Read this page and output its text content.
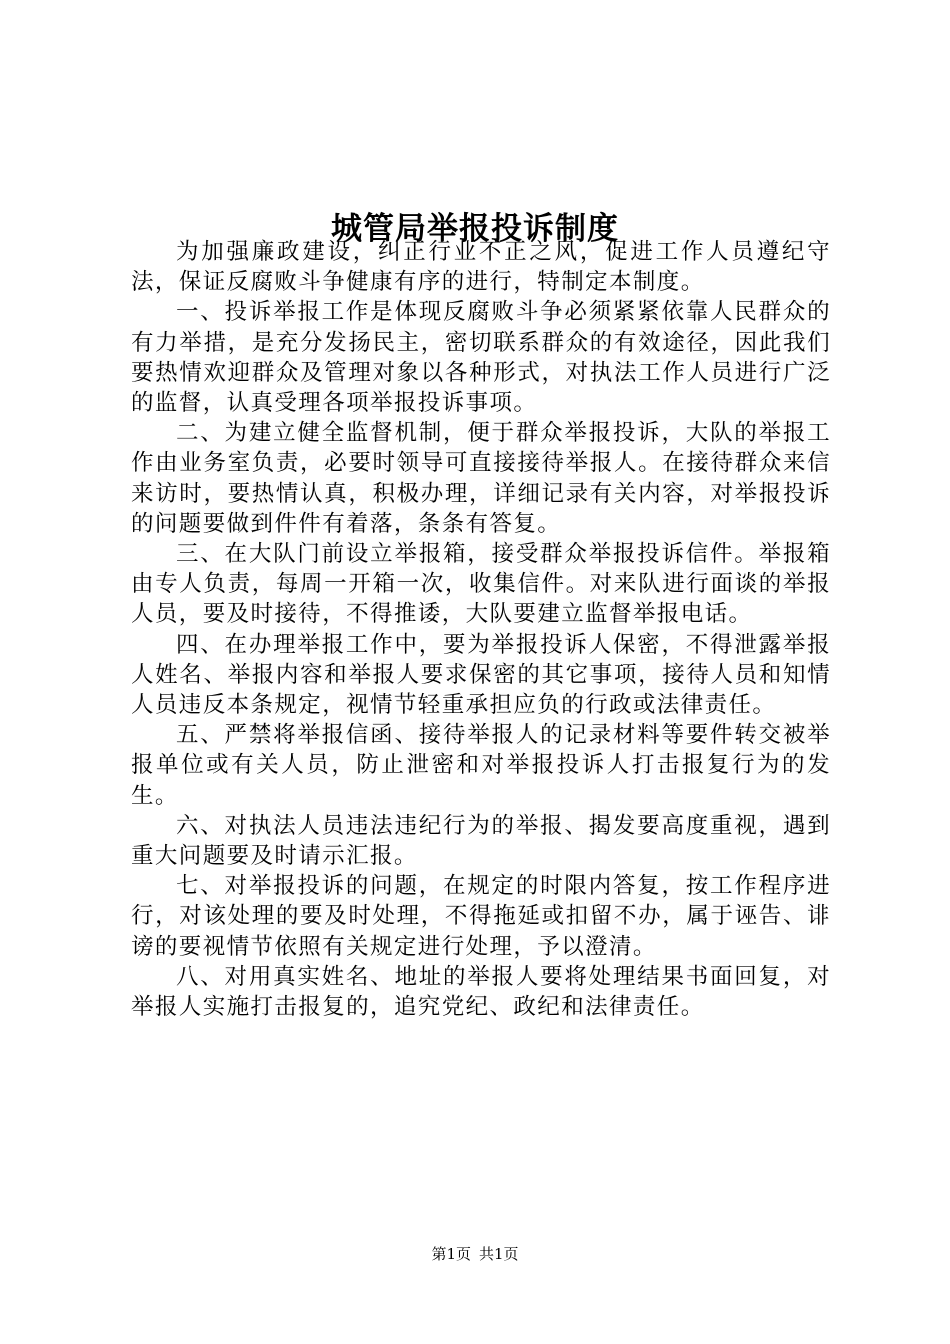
城管局举报投诉制度

为加强廉政建设，纠正行业不正之风，促进工作人员遵纪守法，保证反腐败斗争健康有序的进行，特制定本制度。

一、投诉举报工作是体现反腐败斗争必须紧紧依靠人民群众的有力举措，是充分发扬民主，密切联系群众的有效途径，因此我们要热情欢迎群众及管理对象以各种形式，对执法工作人员进行广泛的监督，认真受理各项举报投诉事项。

二、为建立健全监督机制，便于群众举报投诉，大队的举报工作由业务室负责，必要时领导可直接接待举报人。在接待群众来信来访时，要热情认真，积极办理，详细记录有关内容，对举报投诉的问题要做到件件有着落，条条有答复。

三、在大队门前设立举报箱，接受群众举报投诉信件。举报箱由专人负责，每周一开箱一次，收集信件。对来队进行面谈的举报人员，要及时接待，不得推诿，大队要建立监督举报电话。

四、在办理举报工作中，要为举报投诉人保密，不得泄露举报人姓名、举报内容和举报人要求保密的其它事项，接待人员和知情人员违反本条规定，视情节轻重承担应负的行政或法律责任。

五、严禁将举报信函、接待举报人的记录材料等要件转交被举报单位或有关人员，防止泄密和对举报投诉人打击报复行为的发生。

六、对执法人员违法违纪行为的举报、揭发要高度重视，遇到重大问题要及时请示汇报。

七、对举报投诉的问题，在规定的时限内答复，按工作程序进行，对该处理的要及时处理，不得拖延或扣留不办，属于诬告、诽谤的要视情节依照有关规定进行处理，予以澄清。

八、对用真实姓名、地址的举报人要将处理结果书面回复，对举报人实施打击报复的，追究党纪、政纪和法律责任。

第1页 共1页
